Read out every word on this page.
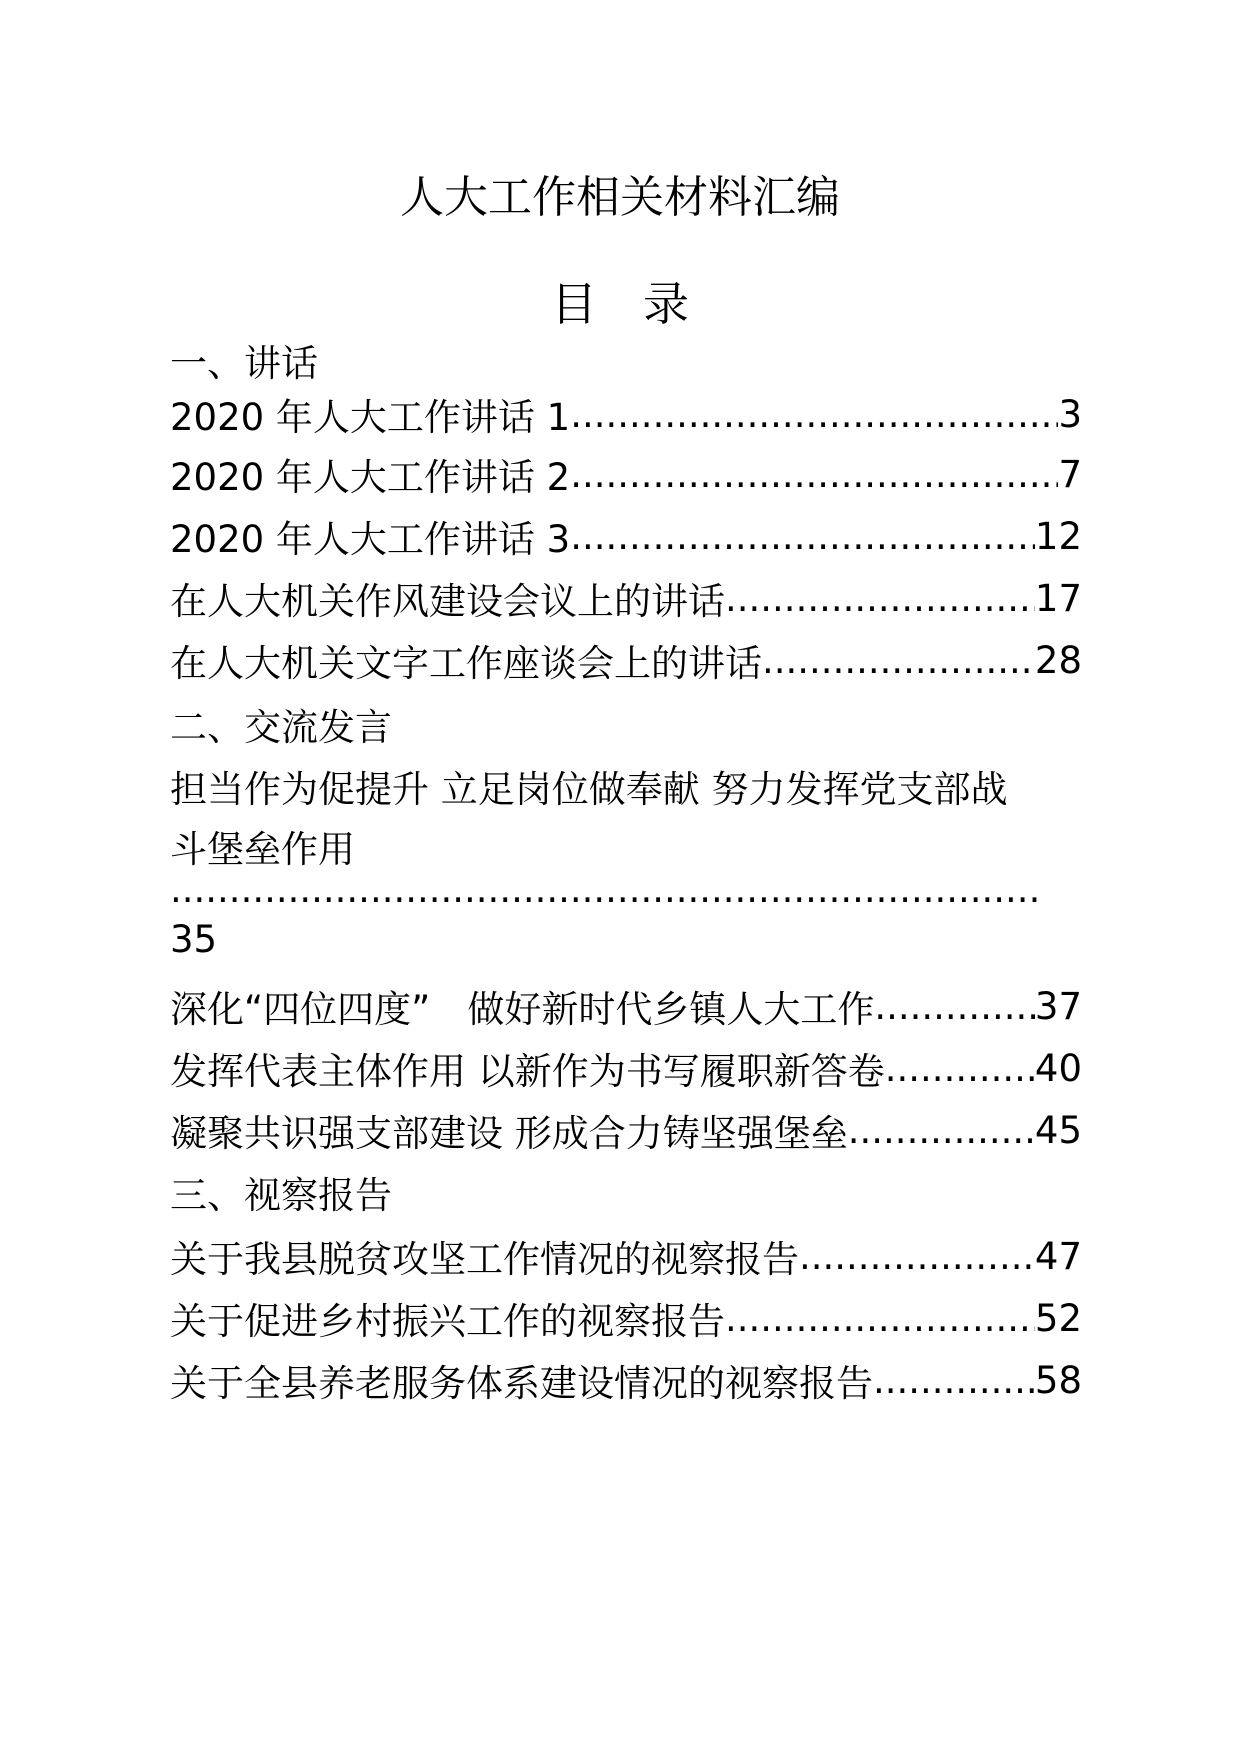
人大工作相关材料汇编
目　录
一、讲话
2020 年人大工作讲话 1 .....	3
2020 年人大工作讲话 2 .....	7
2020 年人大工作讲话 3 .....	12
在人大机关作风建设会议上的讲话 .....	17
在人大机关文字工作座谈会上的讲话 .....	28
二、交流发言
担当作为促提升 立足岗位做奉献 努力发挥党支部战
斗堡垒作用
.....
35
深化“四位四度”　做好新时代乡镇人大工作 .....	37
发挥代表主体作用 以新作为书写履职新答卷 .....	40
凝聚共识强支部建设 形成合力铸坚强堡垒 .....	45
三、视察报告
关于我县脱贫攻坚工作情况的视察报告 .....	47
关于促进乡村振兴工作的视察报告 .....	52
关于全县养老服务体系建设情况的视察报告 .....	58
